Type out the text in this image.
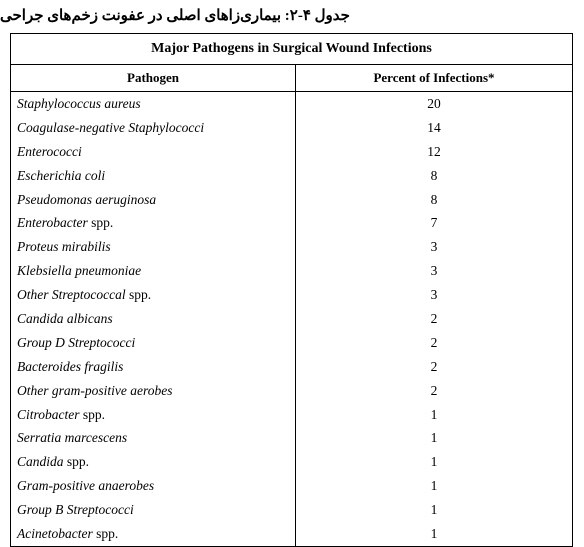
جدول ۴-۲: بیماری‌زاهای اصلی در عفونت زخم‌های جراحی
Major Pathogens in Surgical Wound Infections	
Pathogen	Percent of Infections*
Staphylococcus aureus	20
Coagulase-negative Staphylococci	14
Enterococci	12
Escherichia coli	8
Pseudomonas aeruginosa	8
Enterobacter spp.	7
Proteus mirabilis	3
Klebsiella pneumoniae	3
Other Streptococcal spp.	3
Candida albicans	2
Group D Streptococci	2
Bacteroides fragilis	2
Other gram-positive aerobes	2
Citrobacter spp.	1
Serratia marcescens	1
Candida spp.	1
Gram-positive anaerobes	1
Group B Streptococci	1
Acinetobacter spp.	1
